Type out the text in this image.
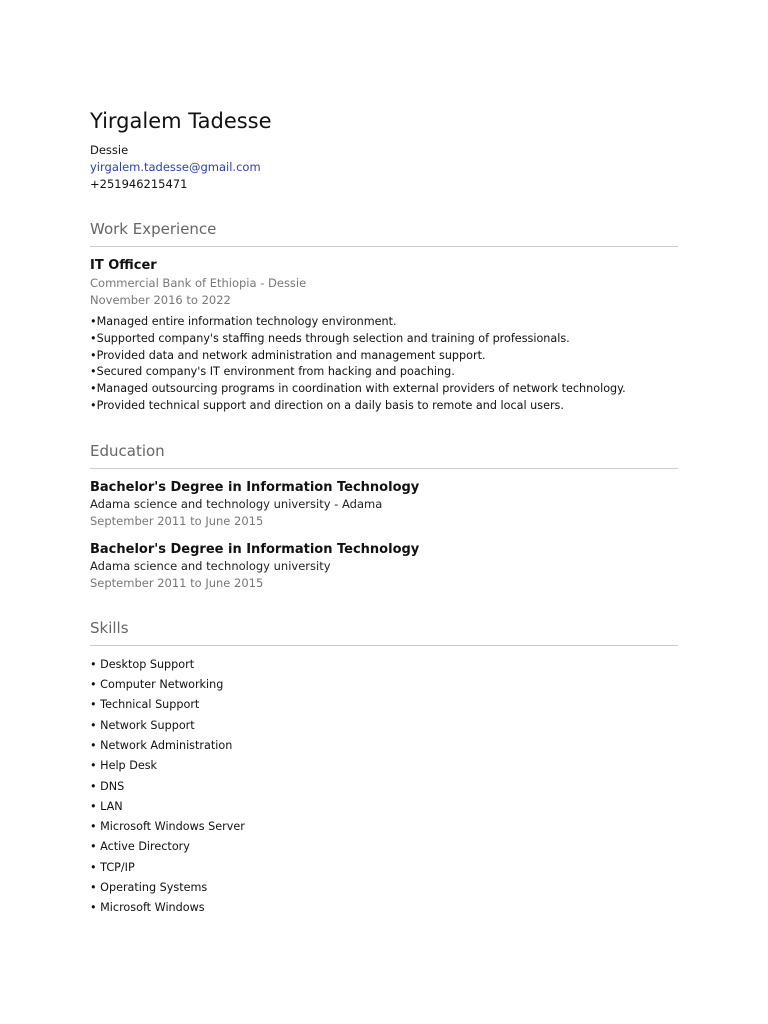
Yirgalem Tadesse
Dessie
yirgalem.tadesse@gmail.com
+251946215471
Work Experience
IT Officer
Commercial Bank of Ethiopia - Dessie
November 2016 to 2022
• Managed entire information technology environment.
• Supported company's staffing needs through selection and training of professionals.
• Provided data and network administration and management support.
• Secured company's IT environment from hacking and poaching.
• Managed outsourcing programs in coordination with external providers of network technology.
• Provided technical support and direction on a daily basis to remote and local users.
Education
Bachelor's Degree in Information Technology
Adama science and technology university - Adama
September 2011 to June 2015
Bachelor's Degree in Information Technology
Adama science and technology university
September 2011 to June 2015
Skills
• Desktop Support
• Computer Networking
• Technical Support
• Network Support
• Network Administration
• Help Desk
• DNS
• LAN
• Microsoft Windows Server
• Active Directory
• TCP/IP
• Operating Systems
• Microsoft Windows
